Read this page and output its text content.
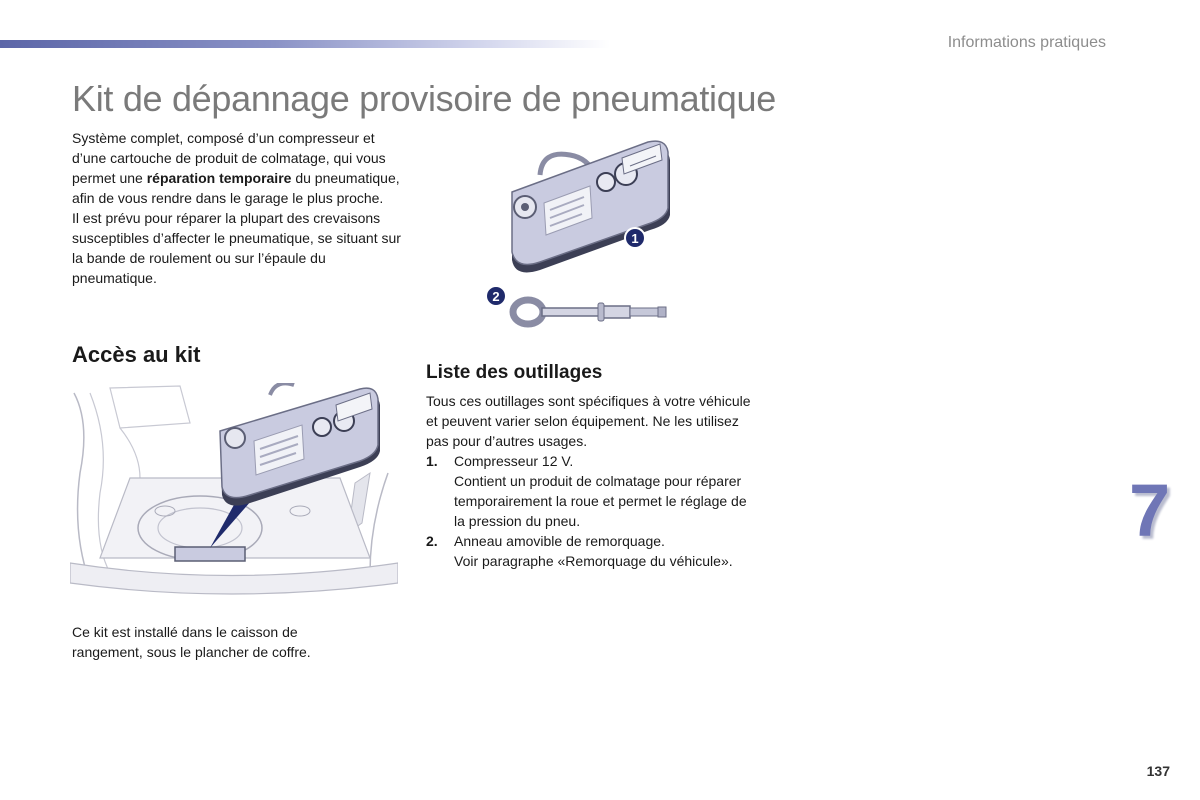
Informations pratiques
Kit de dépannage provisoire de pneumatique

Système complet, composé d’un compresseur et d’une cartouche de produit de colmatage, qui vous permet une réparation temporaire du pneumatique, afin de vous rendre dans le garage le plus proche.

Il est prévu pour réparer la plupart des crevaisons susceptibles d’affecter le pneumatique, se situant sur la bande de roulement ou sur l’épaule du pneumatique.

1
2
Accès au kit

Ce kit est installé dans le caisson de rangement, sous le plancher de coffre.

Liste des outillages

Tous ces outillages sont spécifiques à votre véhicule et peuvent varier selon équipement. Ne les utilisez pas pour d’autres usages.

1.	Compresseur 12 V.
Contient un produit de colmatage pour réparer temporairement la roue et permet le réglage de la pression du pneu.
2.	Anneau amovible de remorquage.
Voir paragraphe «Remorquage du véhicule».
7
137
